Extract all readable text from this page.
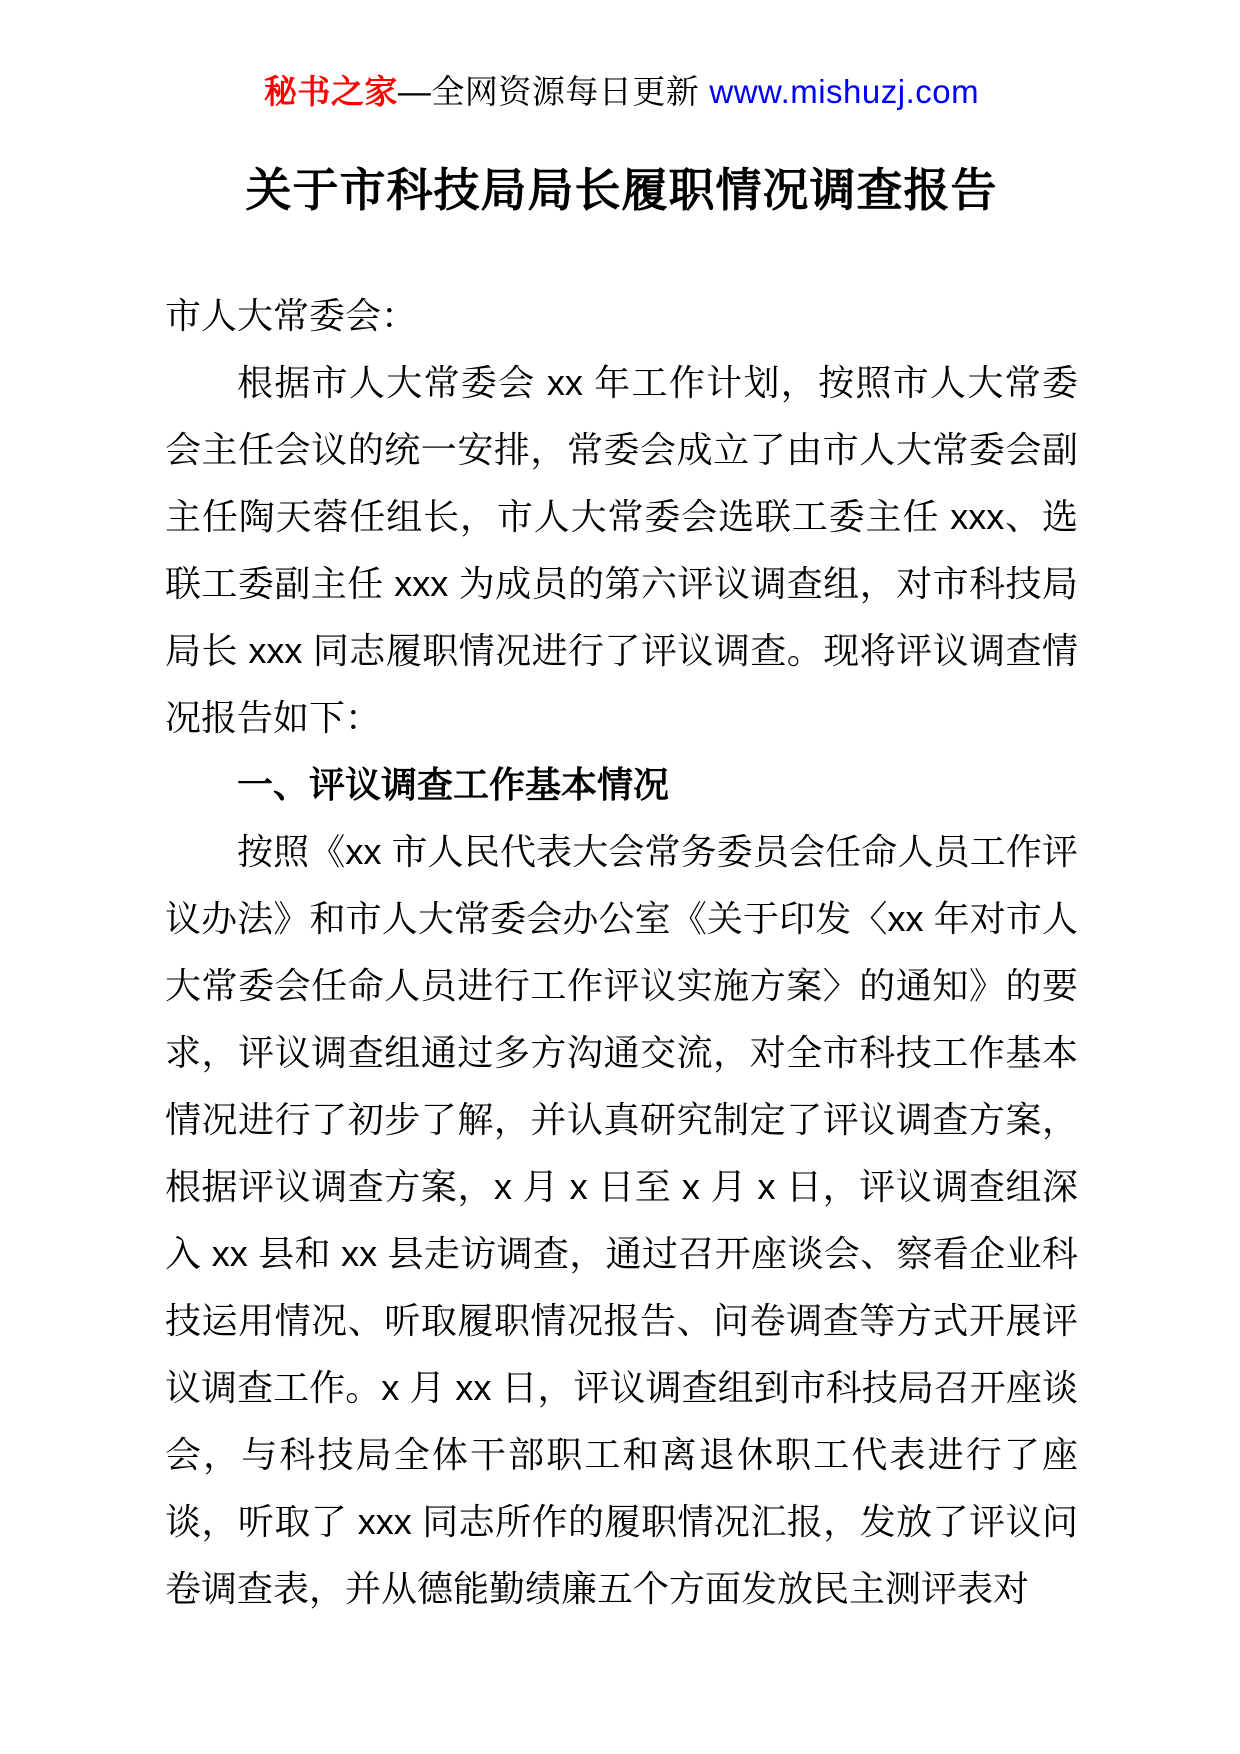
秘书之家—全网资源每日更新 www.mishuzj.com
关于市科技局局长履职情况调查报告

市人大常委会：

根据市人大常委会 xx 年工作计划，按照市人大常委会主任会议的统一安排，常委会成立了由市人大常委会副主任陶天蓉任组长，市人大常委会选联工委主任 xxx、选联工委副主任 xxx 为成员的第六评议调查组，对市科技局局长 xxx 同志履职情况进行了评议调查。现将评议调查情况报告如下：

一、评议调查工作基本情况

按照《xx 市人民代表大会常务委员会任命人员工作评议办法》和市人大常委会办公室《关于印发〈xx 年对市人大常委会任命人员进行工作评议实施方案〉的通知》的要求，评议调查组通过多方沟通交流，对全市科技工作基本情况进行了初步了解，并认真研究制定了评议调查方案，根据评议调查方案，x 月 x 日至 x 月 x 日，评议调查组深入 xx 县和 xx 县走访调查，通过召开座谈会、察看企业科技运用情况、听取履职情况报告、问卷调查等方式开展评议调查工作。x 月 xx 日，评议调查组到市科技局召开座谈会，与科技局全体干部职工和离退休职工代表进行了座谈，听取了 xxx 同志所作的履职情况汇报，发放了评议问卷调查表，并从德能勤绩廉五个方面发放民主测评表对
